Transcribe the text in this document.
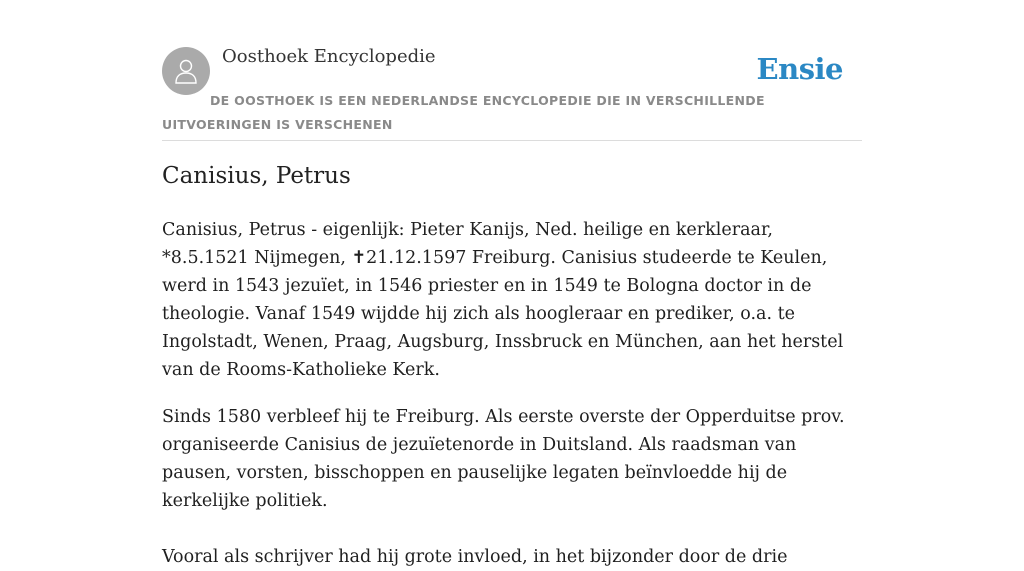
Oosthoek Encyclopedie	Ensie
DE OOSTHOEK IS EEN NEDERLANDSE ENCYCLOPEDIE DIE IN VERSCHILLENDE UITVOERINGEN IS VERSCHENEN
Canisius, Petrus

Canisius, Petrus - eigenlijk: Pieter Kanijs, Ned. heilige en kerkleraar, *8.5.1521 Nijmegen, ✝21.12.1597 Freiburg. Canisius studeerde te Keulen, werd in 1543 jezuïet, in 1546 priester en in 1549 te Bologna doctor in de theologie. Vanaf 1549 wijdde hij zich als hoogleraar en prediker, o.a. te Ingolstadt, Wenen, Praag, Augsburg, Inssbruck en München, aan het herstel van de Rooms-Katholieke Kerk.

Sinds 1580 verbleef hij te Freiburg. Als eerste overste der Opperduitse prov. organiseerde Canisius de jezuïetenorde in Duitsland. Als raadsman van pausen, vorsten, bisschoppen en pauselijke legaten beïnvloedde hij de kerkelijke politiek.

Vooral als schrijver had hij grote invloed, in het bijzonder door de drie
